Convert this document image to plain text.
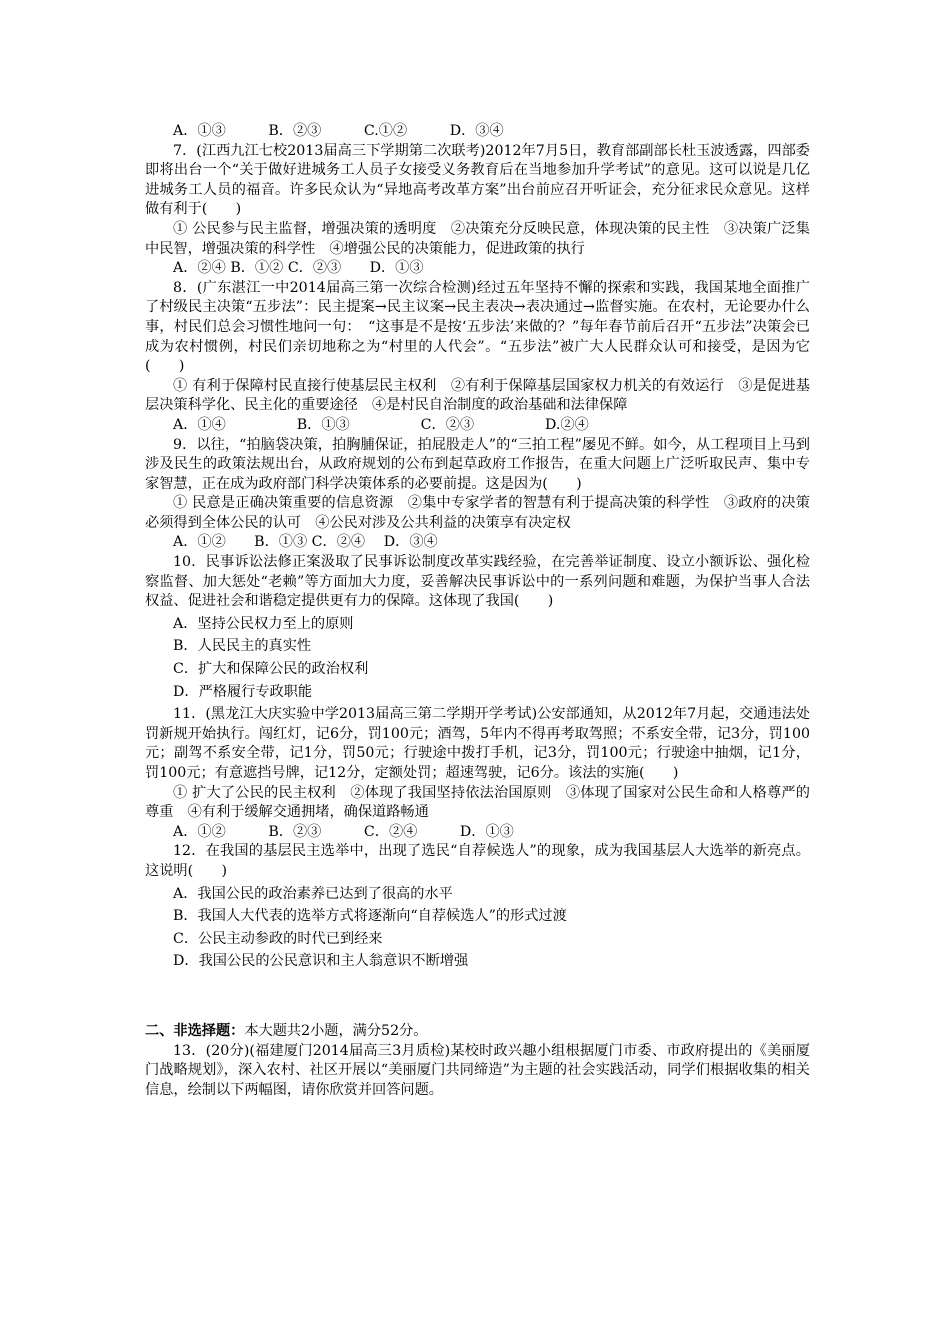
A．①③　　　B．②③　　　C.①②　　　D．③④

7．(江西九江七校2013届高三下学期第二次联考)2012年7月5日，教育部副部长杜玉波透露，四部委即将出台一个“关于做好进城务工人员子女接受义务教育后在当地参加升学考试”的意见。这可以说是几亿进城务工人员的福音。许多民众认为“异地高考改革方案”出台前应召开听证会，充分征求民众意见。这样做有利于(　　)

① 公民参与民主监督，增强决策的透明度　②决策充分反映民意，体现决策的民主性　③决策广泛集中民智，增强决策的科学性　④增强公民的决策能力，促进政策的执行

A．②④ B．①② C．②③　　D．①③

8．(广东湛江一中2014届高三第一次综合检测)经过五年坚持不懈的探索和实践，我国某地全面推广了村级民主决策“五步法”：民主提案→民主议案→民主表决→表决通过→监督实施。在农村，无论要办什么事，村民们总会习惯性地问一句：　“这事是不是按‘五步法’来做的？”每年春节前后召开“五步法”决策会已成为农村惯例，村民们亲切地称之为“村里的人代会”。“五步法”被广大人民群众认可和接受，是因为它(　　)

① 有利于保障村民直接行使基层民主权利　②有利于保障基层国家权力机关的有效运行　③是促进基层决策科学化、民主化的重要途径　④是村民自治制度的政治基础和法律保障

A．①④　　　　　B．①③　　　　　C．②③　　　　　D.②④

9．以往，“拍脑袋决策，拍胸脯保证，拍屁股走人”的“三拍工程”屡见不鲜。如今，从工程项目上马到涉及民生的政策法规出台，从政府规划的公布到起草政府工作报告，在重大问题上广泛听取民声、集中专家智慧，正在成为政府部门科学决策体系的必要前提。这是因为(　　)

① 民意是正确决策重要的信息资源　②集中专家学者的智慧有利于提高决策的科学性　③政府的决策必须得到全体公民的认可　④公民对涉及公共利益的决策享有决定权

A．①②　　B．①③ C．②④　 D．③④

10．民事诉讼法修正案汲取了民事诉讼制度改革实践经验，在完善举证制度、设立小额诉讼、强化检察监督、加大惩处“老赖”等方面加大力度，妥善解决民事诉讼中的一系列问题和难题，为保护当事人合法权益、促进社会和谐稳定提供更有力的保障。这体现了我国(　　)

A．坚持公民权力至上的原则

B．人民民主的真实性

C．扩大和保障公民的政治权利

D．严格履行专政职能

11．(黑龙江大庆实验中学2013届高三第二学期开学考试)公安部通知，从2012年7月起，交通违法处罚新规开始执行。闯红灯，记6分，罚100元；酒驾，5年内不得再考取驾照；不系安全带，记3分，罚100元；副驾不系安全带，记1分，罚50元；行驶途中拨打手机，记3分，罚100元；行驶途中抽烟，记1分，罚100元；有意遮挡号牌，记12分，定额处罚；超速驾驶，记6分。该法的实施(　　)

① 扩大了公民的民主权利　②体现了我国坚持依法治国原则　③体现了国家对公民生命和人格尊严的尊重　④有利于缓解交通拥堵，确保道路畅通

A．①②　　　B．②③　　　C．②④　　　D．①③

12．在我国的基层民主选举中，出现了选民“自荐候选人”的现象，成为我国基层人大选举的新亮点。这说明(　　)

A．我国公民的政治素养已达到了很高的水平

B．我国人大代表的选举方式将逐渐向“自荐候选人”的形式过渡

C．公民主动参政的时代已到经来

D．我国公民的公民意识和主人翁意识不断增强

二、非选择题：本大题共2小题，满分52分。

13．(20分)(福建厦门2014届高三3月质检)某校时政兴趣小组根据厦门市委、市政府提出的《美丽厦门战略规划》，深入农村、社区开展以“美丽厦门共同缔造”为主题的社会实践活动，同学们根据收集的相关信息，绘制以下两幅图，请你欣赏并回答问题。
